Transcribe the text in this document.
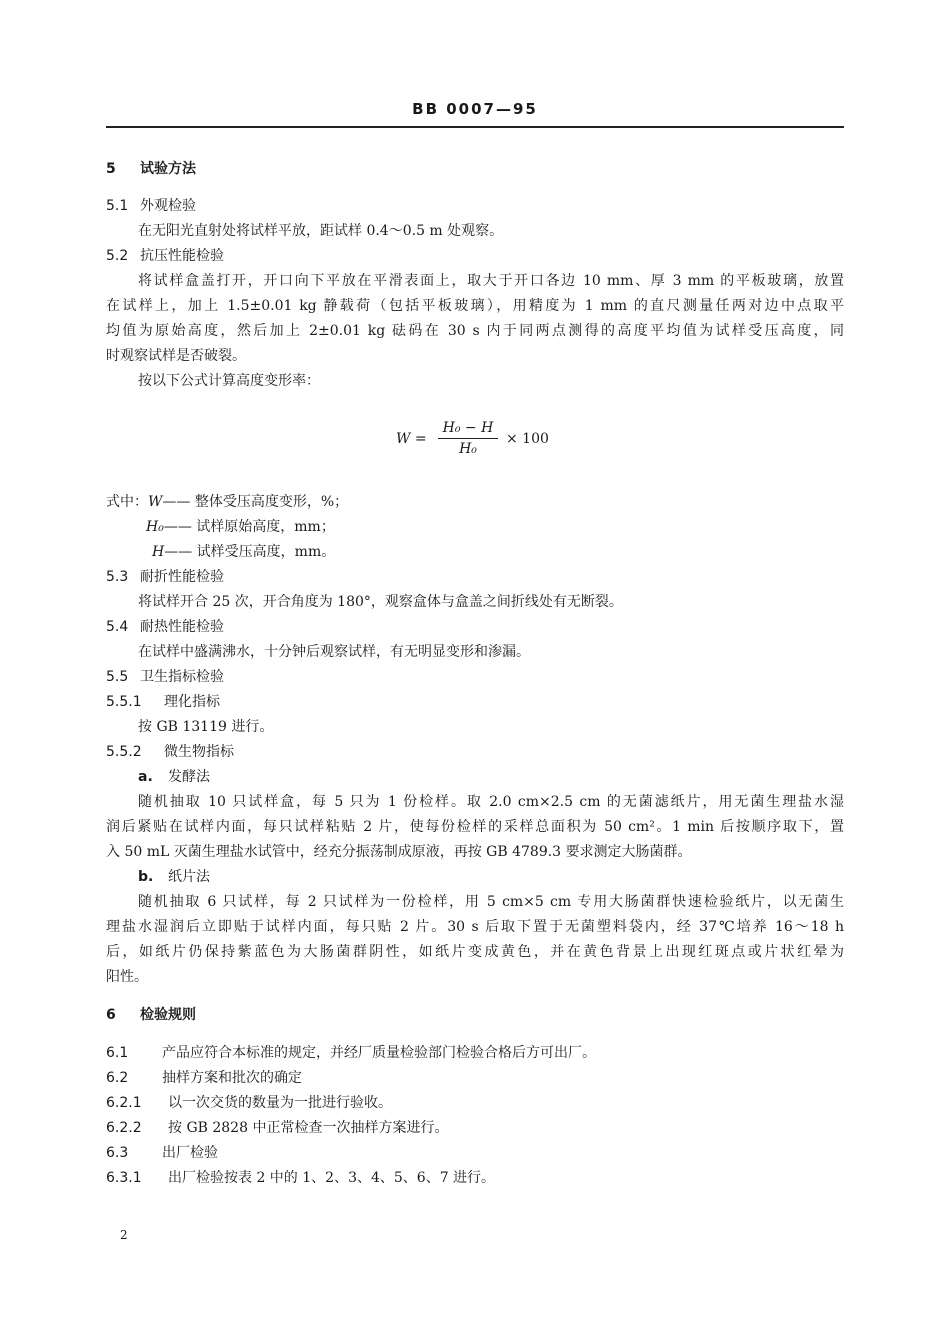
BB 0007—95
5 试验方法
5.1 外观检验
在无阳光直射处将试样平放，距试样 0.4～0.5 m 处观察。
5.2 抗压性能检验
将试样盒盖打开，开口向下平放在平滑表面上，取大于开口各边 10 mm、厚 3 mm 的平板玻璃，放置
在试样上，加上 1.5±0.01 kg 静载荷（包括平板玻璃），用精度为 1 mm 的直尺测量任两对边中点取平
均值为原始高度，然后加上 2±0.01 kg 砝码在 30 s 内于同两点测得的高度平均值为试样受压高度，同
时观察试样是否破裂。
按以下公式计算高度变形率：
W =
H₀ − H
H₀
× 100
式中：W—— 整体受压高度变形，%；
H₀—— 试样原始高度，mm；
H—— 试样受压高度，mm。
5.3 耐折性能检验
将试样开合 25 次，开合角度为 180°，观察盒体与盒盖之间折线处有无断裂。
5.4 耐热性能检验
在试样中盛满沸水，十分钟后观察试样，有无明显变形和渗漏。
5.5 卫生指标检验
5.5.1 理化指标
按 GB 13119 进行。
5.5.2 微生物指标
a. 发酵法
随机抽取 10 只试样盒，每 5 只为 1 份检样。取 2.0 cm×2.5 cm 的无菌滤纸片，用无菌生理盐水湿
润后紧贴在试样内面，每只试样粘贴 2 片，使每份检样的采样总面积为 50 cm²。1 min 后按顺序取下，置
入 50 mL 灭菌生理盐水试管中，经充分振荡制成原液，再按 GB 4789.3 要求测定大肠菌群。
b. 纸片法
随机抽取 6 只试样，每 2 只试样为一份检样，用 5 cm×5 cm 专用大肠菌群快速检验纸片，以无菌生
理盐水湿润后立即贴于试样内面，每只贴 2 片。30 s 后取下置于无菌塑料袋内，经 37℃培养 16～18 h
后，如纸片仍保持紫蓝色为大肠菌群阴性，如纸片变成黄色，并在黄色背景上出现红斑点或片状红晕为
阳性。
6 检验规则
6.1 产品应符合本标准的规定，并经厂质量检验部门检验合格后方可出厂。
6.2 抽样方案和批次的确定
6.2.1 以一次交货的数量为一批进行验收。
6.2.2 按 GB 2828 中正常检查一次抽样方案进行。
6.3 出厂检验
6.3.1 出厂检验按表 2 中的 1、2、3、4、5、6、7 进行。
2
